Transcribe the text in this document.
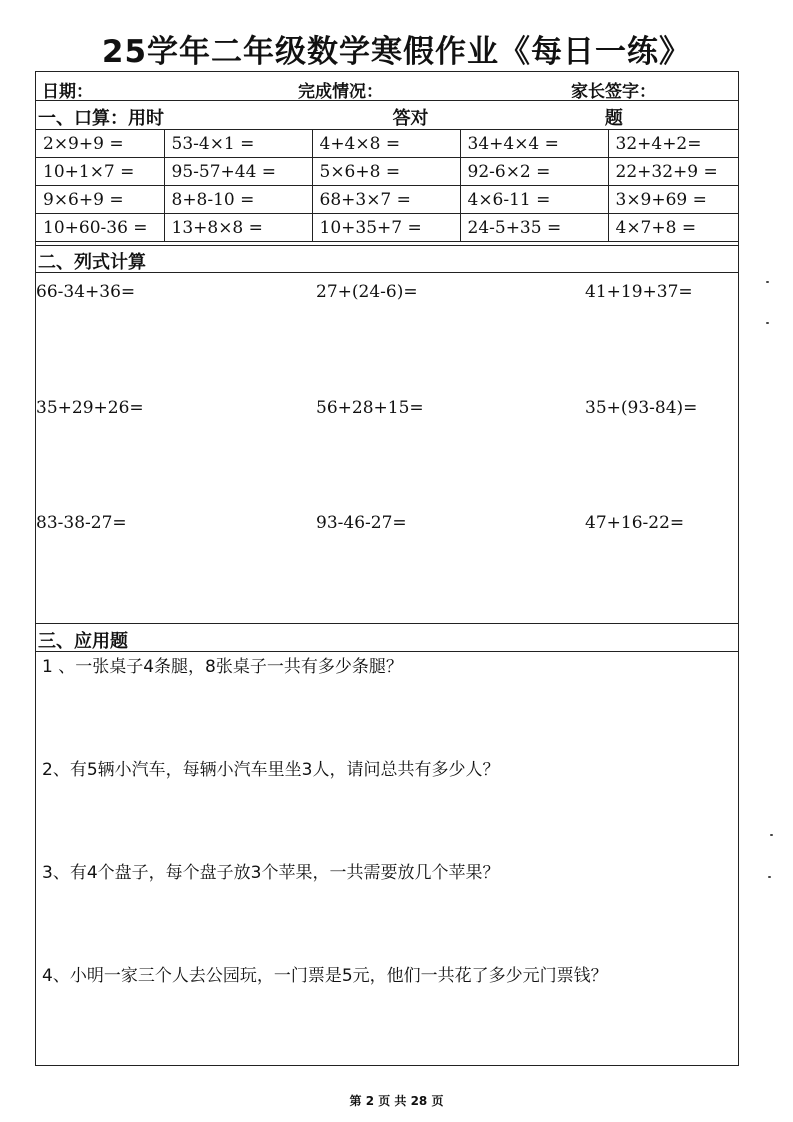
25学年二年级数学寒假作业《每日一练》
日期：	完成情况：	家长签字：
一、口算：用时	答对	题
2×9+9 =	53-4×1 =	4+4×8 =	34+4×4 =	32+4+2=
10+1×7 =	95-57+44 =	5×6+8 =	92-6×2 =	22+32+9 =
9×6+9 =	8+8-10 =	68+3×7 =	4×6-11 =	3×9+69 =
10+60-36 =	13+8×8 =	10+35+7 =	24-5+35 =	4×7+8 =
二、列式计算
66-34+36=	27+(24-6)=	41+19+37=
35+29+26=	56+28+15=	35+(93-84)=
83-38-27=	93-46-27=	47+16-22=
三、应用题
1 、一张桌子4条腿，8张桌子一共有多少条腿？
2、有5辆小汽车，每辆小汽车里坐3人，请问总共有多少人？
3、有4个盘子，每个盘子放3个苹果，一共需要放几个苹果？
4、小明一家三个人去公园玩，一门票是5元，他们一共花了多少元门票钱？
第 2 页 共 28 页
